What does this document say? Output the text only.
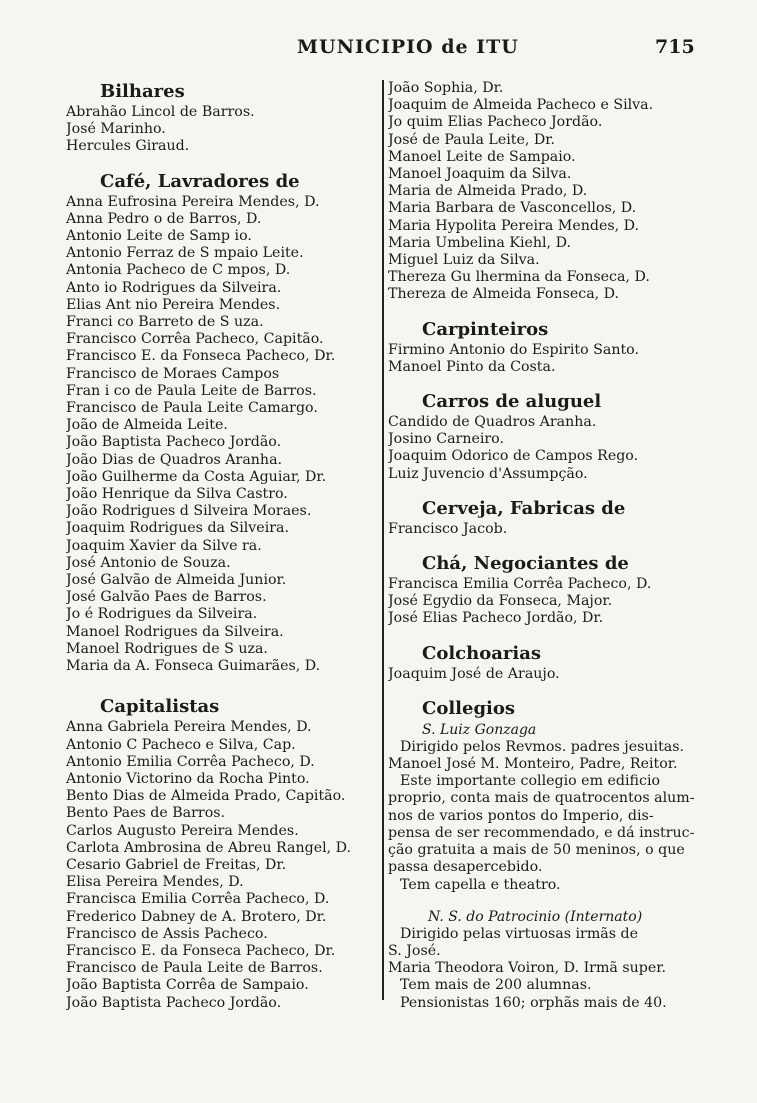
MUNICIPIO de ITU	715
Bilhares
Abrahão Lincol de Barros.
José Marinho.
Hercules Giraud.
Café, Lavradores de
Anna Eufrosina Pereira Mendes, D.
Anna Pedro o de Barros, D.
Antonio Leite de Samp io.
Antonio Ferraz de S mpaio Leite.
Antonia Pacheco de C mpos, D.
Anto io Rodrigues da Silveira.
Elias Ant nio Pereira Mendes.
Franci co Barreto de S uza.
Francisco Corrêa Pacheco, Capitão.
Francisco E. da Fonseca Pacheco, Dr.
Francisco de Moraes Campos
Fran i co de Paula Leite de Barros.
Francisco de Paula Leite Camargo.
João de Almeida Leite.
João Baptista Pacheco Jordão.
João Dias de Quadros Aranha.
João Guilherme da Costa Aguiar, Dr.
João Henrique da Silva Castro.
João Rodrigues d Silveira Moraes.
Joaquim Rodrigues da Silveira.
Joaquim Xavier da Silve ra.
José Antonio de Souza.
José Galvão de Almeida Junior.
José Galvão Paes de Barros.
Jo é Rodrigues da Silveira.
Manoel Rodrigues da Silveira.
Manoel Rodrigues de S uza.
Maria da A. Fonseca Guimarães, D.
Capitalistas
Anna Gabriela Pereira Mendes, D.
Antonio C Pacheco e Silva, Cap.
Antonio Emilia Corrêa Pacheco, D.
Antonio Victorino da Rocha Pinto.
Bento Dias de Almeida Prado, Capitão.
Bento Paes de Barros.
Carlos Augusto Pereira Mendes.
Carlota Ambrosina de Abreu Rangel, D.
Cesario Gabriel de Freitas, Dr.
Elisa Pereira Mendes, D.
Francisca Emilia Corrêa Pacheco, D.
Frederico Dabney de A. Brotero, Dr.
Francisco de Assis Pacheco.
Francisco E. da Fonseca Pacheco, Dr.
Francisco de Paula Leite de Barros.
João Baptista Corrêa de Sampaio.
João Baptista Pacheco Jordão.
João Sophia, Dr.
Joaquim de Almeida Pacheco e Silva.
Jo quim Elias Pacheco Jordão.
José de Paula Leite, Dr.
Manoel Leite de Sampaio.
Manoel Joaquim da Silva.
Maria de Almeida Prado, D.
Maria Barbara de Vasconcellos, D.
Maria Hypolita Pereira Mendes, D.
Maria Umbelina Kiehl, D.
Miguel Luiz da Silva.
Thereza Gu lhermina da Fonseca, D.
Thereza de Almeida Fonseca, D.
Carpinteiros
Firmino Antonio do Espirito Santo.
Manoel Pinto da Costa.
Carros de aluguel
Candido de Quadros Aranha.
Josino Carneiro.
Joaquim Odorico de Campos Rego.
Luiz Juvencio d'Assumpção.
Cerveja, Fabricas de
Francisco Jacob.
Chá, Negociantes de
Francisca Emilia Corrêa Pacheco, D.
José Egydio da Fonseca, Major.
José Elias Pacheco Jordão, Dr.
Colchoarias
Joaquim José de Araujo.
Collegios
S. Luiz Gonzaga
Dirigido pelos Revmos. padres jesuitas.
Manoel José M. Monteiro, Padre, Reitor.
Este importante collegio em edificio
proprio, conta mais de quatrocentos alum-
nos de varios pontos do Imperio, dis-
pensa de ser recommendado, e dá instruc-
ção gratuita a mais de 50 meninos, o que
passa desapercebido.
Tem capella e theatro.
N. S. do Patrocinio (Internato)
Dirigido pelas virtuosas irmãs de
S. José.
Maria Theodora Voiron, D. Irmã super.
Tem mais de 200 alumnas.
Pensionistas 160; orphãs mais de 40.
